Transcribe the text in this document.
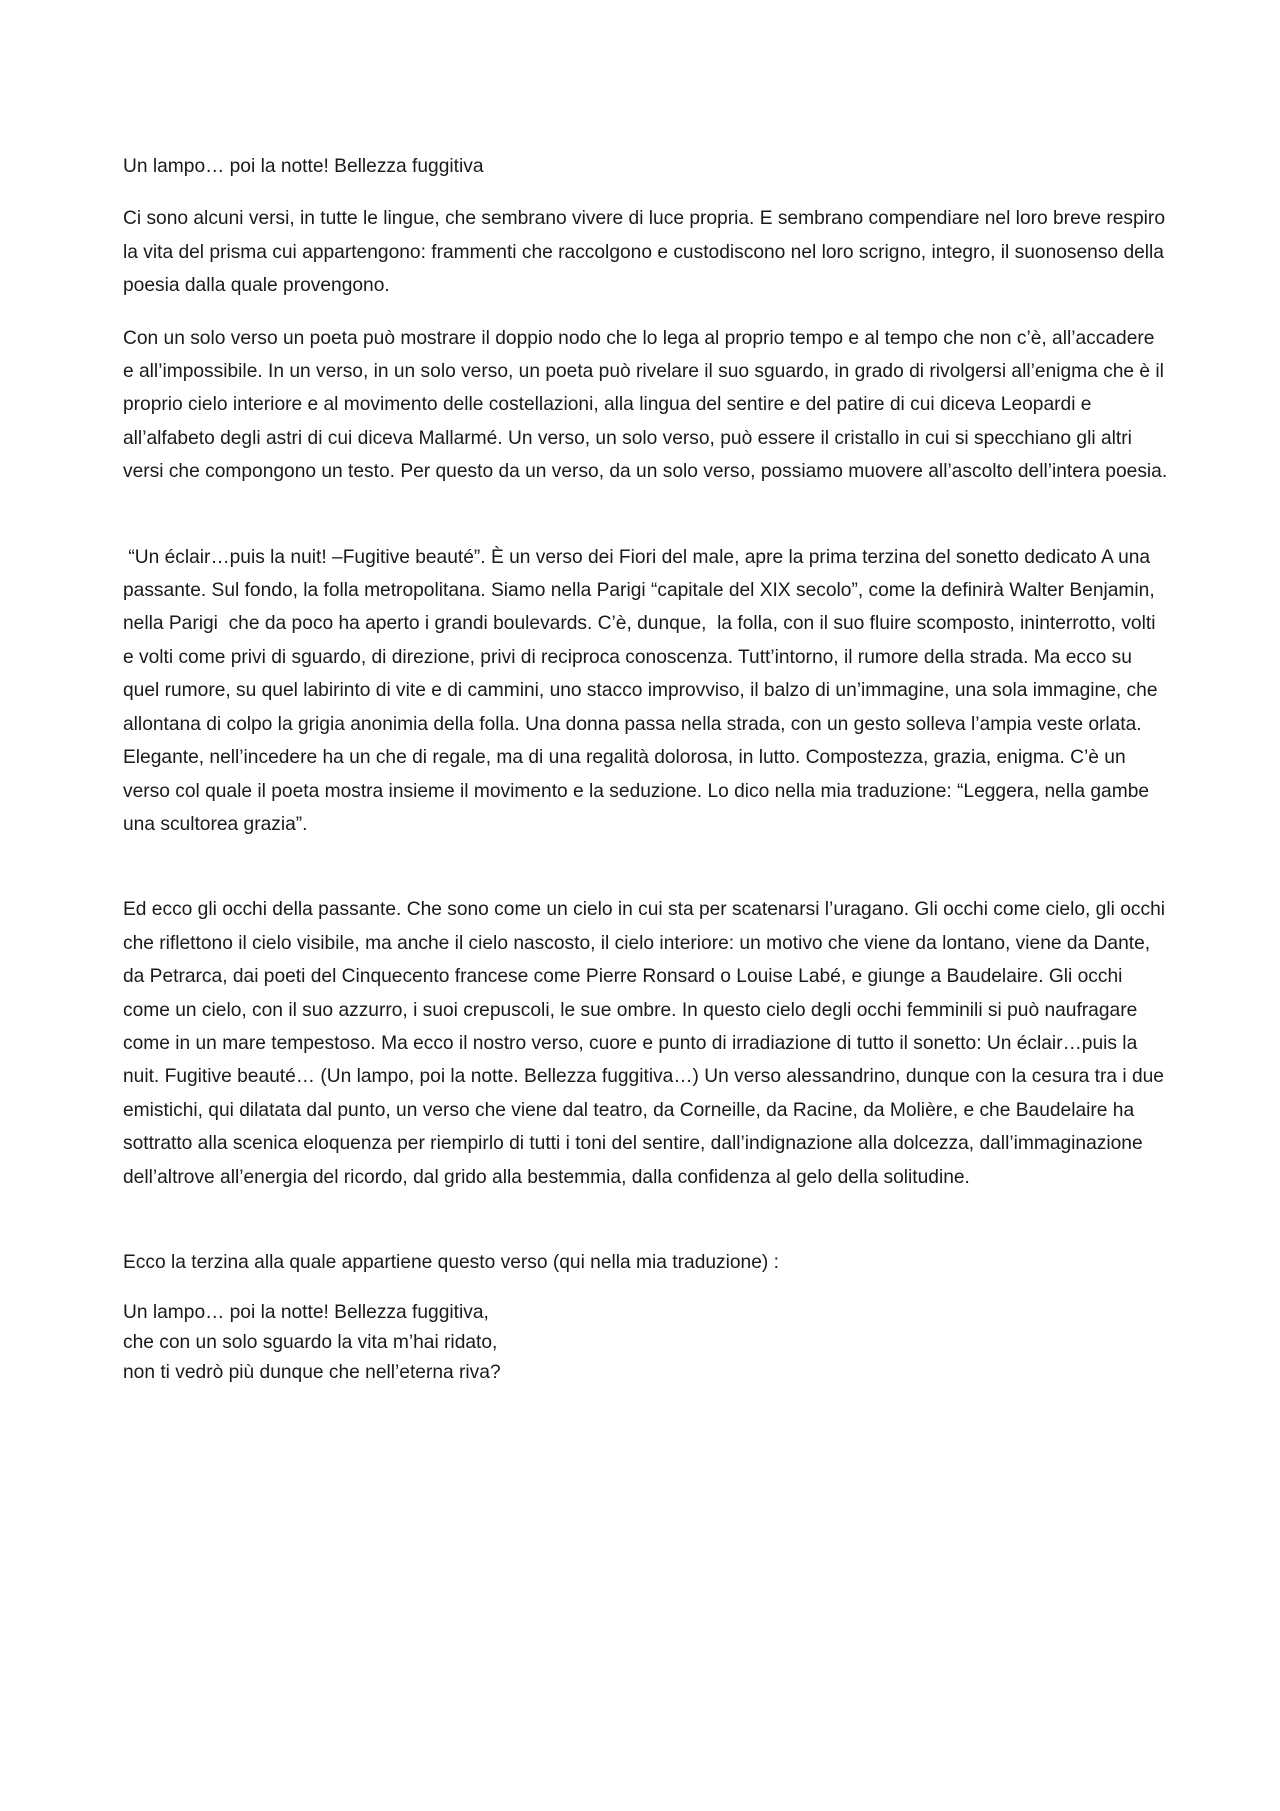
Un lampo… poi la notte! Bellezza fuggitiva

Ci sono alcuni versi, in tutte le lingue, che sembrano vivere di luce propria. E sembrano compendiare nel loro breve respiro la vita del prisma cui appartengono: frammenti che raccolgono e custodiscono nel loro scrigno, integro, il suonosenso della poesia dalla quale provengono.

Con un solo verso un poeta può mostrare il doppio nodo che lo lega al proprio tempo e al tempo che non c’è, all’accadere e all’impossibile. In un verso, in un solo verso, un poeta può rivelare il suo sguardo, in grado di rivolgersi all’enigma che è il proprio cielo interiore e al movimento delle costellazioni, alla lingua del sentire e del patire di cui diceva Leopardi e all’alfabeto degli astri di cui diceva Mallarmé. Un verso, un solo verso, può essere il cristallo in cui si specchiano gli altri versi che compongono un testo. Per questo da un verso, da un solo verso, possiamo muovere all’ascolto dell’intera poesia.

“Un éclair…puis la nuit! –Fugitive beauté”. È un verso dei Fiori del male, apre la prima terzina del sonetto dedicato A una passante. Sul fondo, la folla metropolitana. Siamo nella Parigi “capitale del XIX secolo”, come la definirà Walter Benjamin, nella Parigi  che da poco ha aperto i grandi boulevards. C’è, dunque,  la folla, con il suo fluire scomposto, ininterrotto, volti e volti come privi di sguardo, di direzione, privi di reciproca conoscenza. Tutt’intorno, il rumore della strada. Ma ecco su quel rumore, su quel labirinto di vite e di cammini, uno stacco improvviso, il balzo di un’immagine, una sola immagine, che allontana di colpo la grigia anonimia della folla. Una donna passa nella strada, con un gesto solleva l’ampia veste orlata. Elegante, nell’incedere ha un che di regale, ma di una regalità dolorosa, in lutto. Compostezza, grazia, enigma. C’è un verso col quale il poeta mostra insieme il movimento e la seduzione. Lo dico nella mia traduzione: “Leggera, nella gambe una scultorea grazia”.

Ed ecco gli occhi della passante. Che sono come un cielo in cui sta per scatenarsi l’uragano. Gli occhi come cielo, gli occhi che riflettono il cielo visibile, ma anche il cielo nascosto, il cielo interiore: un motivo che viene da lontano, viene da Dante, da Petrarca, dai poeti del Cinquecento francese come Pierre Ronsard o Louise Labé, e giunge a Baudelaire. Gli occhi come un cielo, con il suo azzurro, i suoi crepuscoli, le sue ombre. In questo cielo degli occhi femminili si può naufragare come in un mare tempestoso. Ma ecco il nostro verso, cuore e punto di irradiazione di tutto il sonetto: Un éclair…puis la nuit. Fugitive beauté… (Un lampo, poi la notte. Bellezza fuggitiva…) Un verso alessandrino, dunque con la cesura tra i due emistichi, qui dilatata dal punto, un verso che viene dal teatro, da Corneille, da Racine, da Molière, e che Baudelaire ha sottratto alla scenica eloquenza per riempirlo di tutti i toni del sentire, dall’indignazione alla dolcezza, dall’immaginazione dell’altrove all’energia del ricordo, dal grido alla bestemmia, dalla confidenza al gelo della solitudine.

Ecco la terzina alla quale appartiene questo verso (qui nella mia traduzione) :

Un lampo… poi la notte! Bellezza fuggitiva,
che con un solo sguardo la vita m’hai ridato,
non ti vedrò più dunque che nell’eterna riva?
